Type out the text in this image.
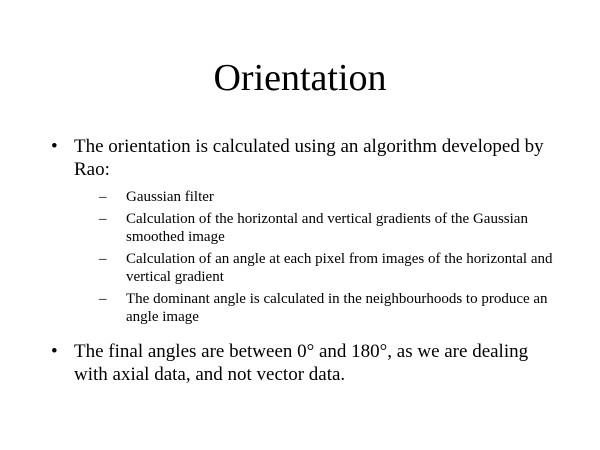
Orientation
• The orientation is calculated using an algorithm developed by Rao:
– Gaussian filter
– Calculation of the horizontal and vertical gradients of the Gaussian smoothed image
– Calculation of an angle at each pixel from images of the horizontal and vertical gradient
– The dominant angle is calculated in the neighbourhoods to produce an angle image
• The final angles are between 0° and 180°, as we are dealing with axial data, and not vector data.
